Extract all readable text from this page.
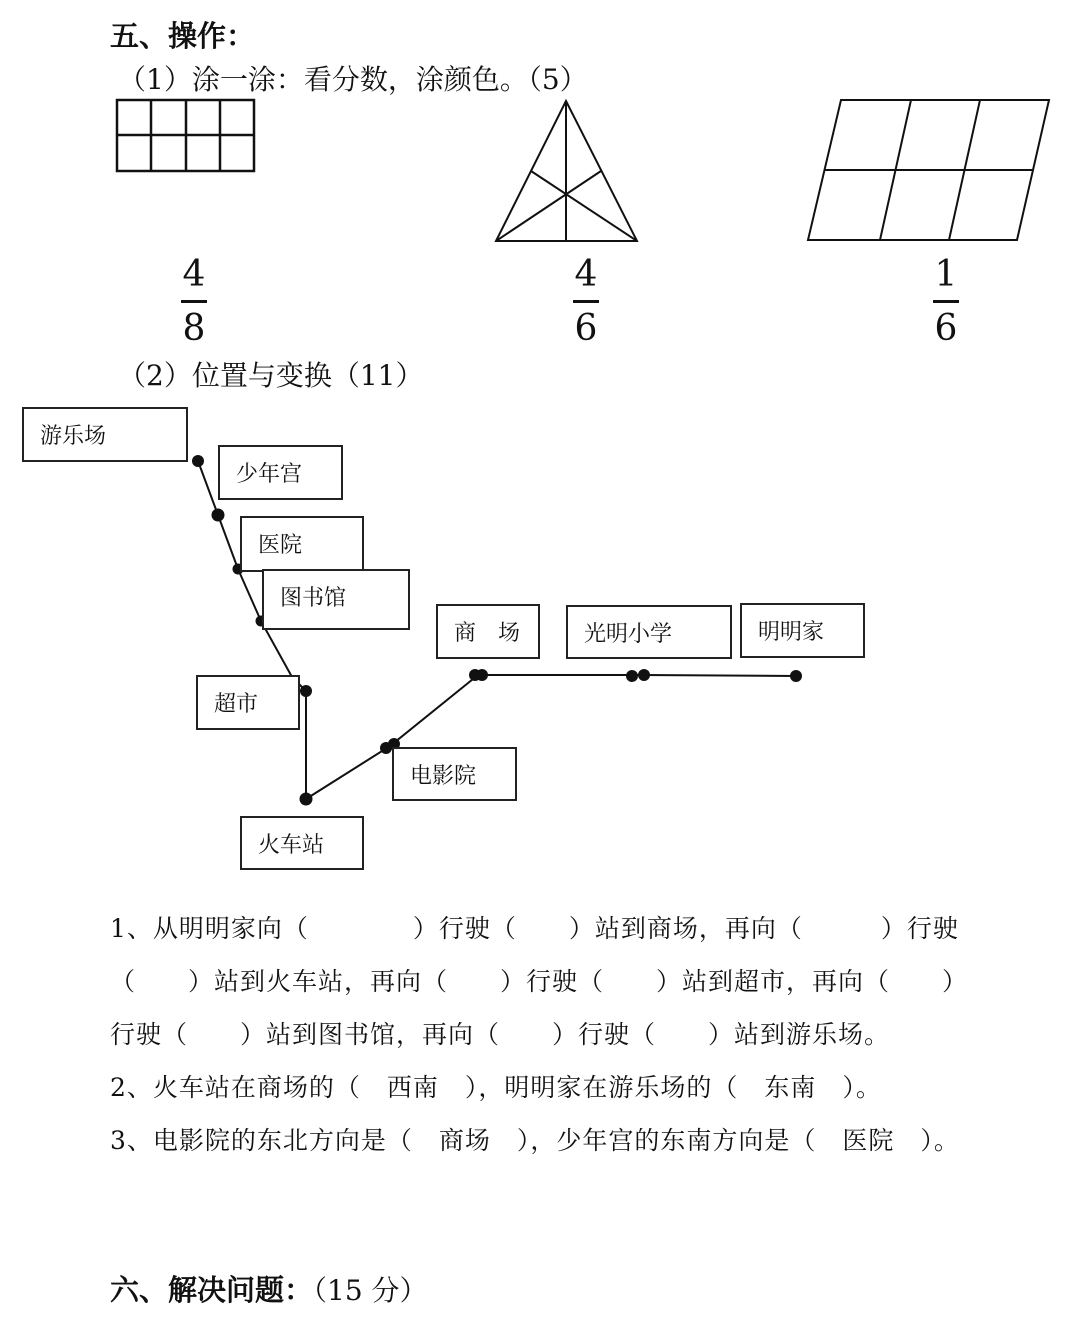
五、操作：
（1）涂一涂：看分数，涂颜色。（5）
4
8
4
6
1
6
（2）位置与变换（11）
游乐场
少年宫
医院
图书馆
超市
火车站
电影院
商　场	光明小学	明明家
1、从明明家向（　　　　）行驶（　　）站到商场，再向（　　　）行驶
（　　）站到火车站，再向（　　）行驶（　　）站到超市，再向（　　）
行驶（　　）站到图书馆，再向（　　）行驶（　　）站到游乐场。
2、火车站在商场的（　西南　），明明家在游乐场的（　东南　）。
3、电影院的东北方向是（　商场　），少年宫的东南方向是（　医院　）。
六、解决问题：（15 分）
